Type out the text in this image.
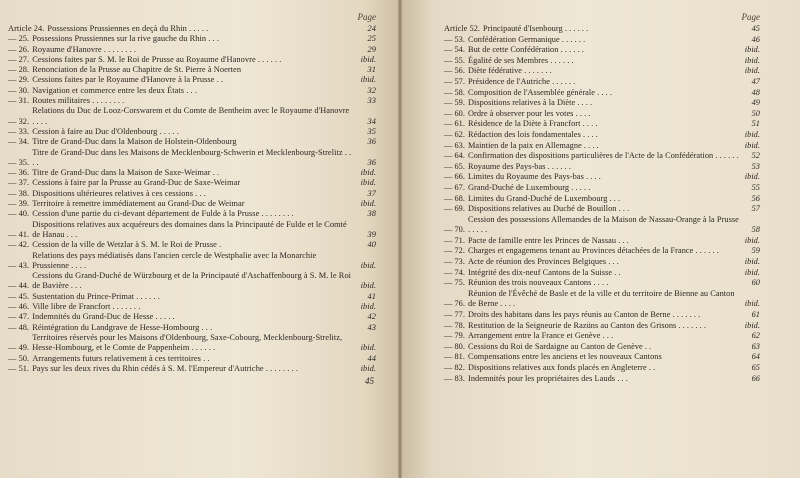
Page
Article 24. Possessions Prussiennes en deçà du Rhin . . . . .	24
— 25. Possessions Prussiennes sur la rive gauche du Rhin . . .	25
— 26. Royaume d'Hanovre . . . . . . . .	29
— 27. Cessions faites par S. M. le Roi de Prusse au Royaume d'Hanovre . . . . . .	ibid.
— 28. Renonciation de la Prusse au Chapitre de St. Pierre à Noerten	31
— 29. Cessions faites par le Royaume d'Hanovre à la Prusse . .	ibid.
— 30. Navigation et commerce entre les deux États . . .	32
— 31. Routes militaires . . . . . . . .	33
— 32.
Relations du Duc de Looz-Corswarem et du Comte de Bentheim avec le Royaume d'Hanovre . . . .	34
— 33. Cession à faire au Duc d'Oldenbourg . . . . .	35
— 34. Titre de Grand-Duc dans la Maison de Holstein-Oldenbourg	36
— 35.
Titre de Grand-Duc dans les Maisons de Mecklenbourg-Schwerin et Mecklenbourg-Strelitz . . . .	36
— 36. Titre de Grand-Duc dans la Maison de Saxe-Weimar . .	ibid.
— 37. Cessions à faire par la Prusse au Grand-Duc de Saxe-Weimar	ibid.
— 38. Dispositions ultérieures relatives à ces cessions . . .	37
— 39. Territoire à remettre immédiatement au Grand-Duc de Weimar	ibid.
— 40. Cession d'une partie du ci-devant département de Fulde à la Prusse . . . . . . . .	38
— 41.
Dispositions relatives aux acquéreurs des domaines dans la Principauté de Fulde et le Comté de Hanau . . .	39
— 42. Cession de la ville de Wetzlar à S. M. le Roi de Prusse .	40
— 43.
Relations des pays médiatisés dans l'ancien cercle de Westphalie avec la Monarchie Prussienne . . . .	ibid.
— 44.
Cessions du Grand-Duché de Würzbourg et de la Principauté d'Aschaffenbourg à S. M. le Roi de Bavière . . .	ibid.
— 45. Sustentation du Prince-Primat . . . . . .	41
— 46. Ville libre de Francfort . . . . . . .	ibid.
— 47. Indemnités du Grand-Duc de Hesse . . . . .	42
— 48. Réintégration du Landgrave de Hesse-Hombourg . . .	43
— 49.
Territoires réservés pour les Maisons d'Oldenbourg, Saxe-Cobourg, Mecklenbourg-Strelitz, Hesse-Hombourg, et le Comte de Pappenheim . . . . . .	ibid.
— 50. Arrangements futurs relativement à ces territoires . .	44
— 51. Pays sur les deux rives du Rhin cédés à S. M. l'Empereur d'Autriche . . . . . . . .	ibid.
45
Page
Article 52. Principauté d'Isenbourg . . . . . .	45
— 53. Confédération Germanique . . . . . .	46
— 54. But de cette Confédération . . . . . .	ibid.
— 55. Égalité de ses Membres . . . . . .	ibid.
— 56. Diète fédérative . . . . . . .	ibid.
— 57. Présidence de l'Autriche . . . . . .	47
— 58. Composition de l'Assemblée générale . . . .	48
— 59. Dispositions relatives à la Diète . . . .	49
— 60. Ordre à observer pour les votes . . . .	50
— 61. Résidence de la Diète à Francfort . . . .	51
— 62. Rédaction des lois fondamentales . . . .	ibid.
— 63. Maintien de la paix en Allemagne . . . .	ibid.
— 64. Confirmation des dispositions particulières de l'Acte de la Confédération . . . . . .	52
— 65. Royaume des Pays-bas . . . . . .	53
— 66. Limites du Royaume des Pays-bas . . . .	ibid.
— 67. Grand-Duché de Luxembourg . . . . .	55
— 68. Limites du Grand-Duché de Luxembourg . . .	56
— 69. Dispositions relatives au Duché de Bouillon . . .	57
— 70.
Cession des possessions Allemandes de la Maison de Nassau-Orange à la Prusse . . . . .	58
— 71. Pacte de famille entre les Princes de Nassau . . .	ibid.
— 72. Charges et engagemens tenant au Provinces détachées de la France . . . . . .	59
— 73. Acte de réunion des Provinces Belgiques . . .	ibid.
— 74. Intégrité des dix-neuf Cantons de la Suisse . .	ibid.
— 75. Réunion des trois nouveaux Cantons . . . .	60
— 76.
Réunion de l'Évêché de Basle et de la ville et du territoire de Bienne au Canton de Berne . . . .	ibid.
— 77. Droits des habitans dans les pays réunis au Canton de Berne . . . . . . .	61
— 78. Restitution de la Seigneurie de Razüns au Canton des Grisons . . . . . . .	ibid.
— 79. Arrangement entre la France et Genève . . .	62
— 80. Cessions du Roi de Sardaigne au Canton de Genève . .	63
— 81. Compensations entre les anciens et les nouveaux Cantons	64
— 82. Dispositions relatives aux fonds placés en Angleterre . .	65
— 83. Indemnités pour les propriétaires des Lauds . . .	66
